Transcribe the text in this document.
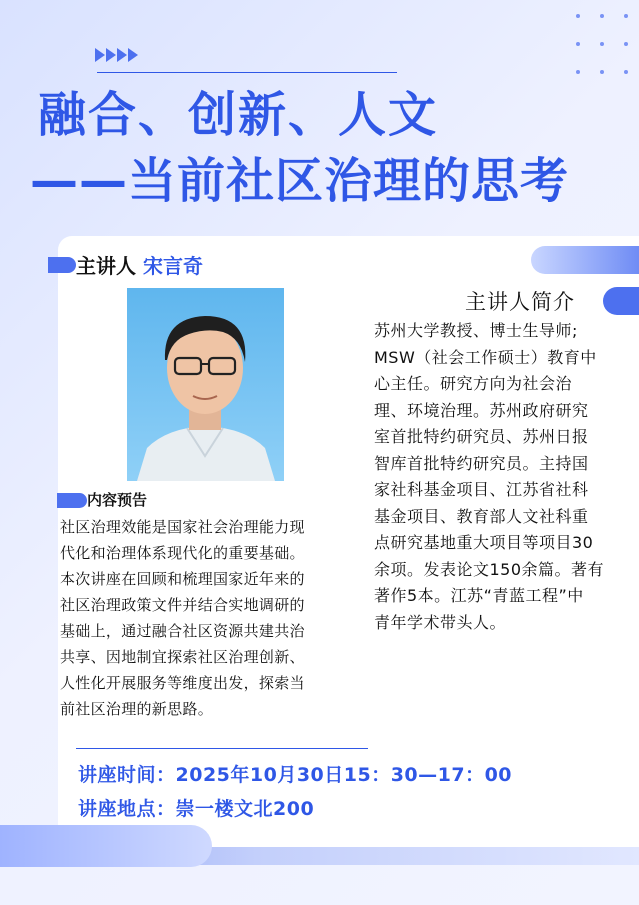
融合、创新、人文
——当前社区治理的思考
主讲人 宋言奇
主讲人简介
苏州大学教授、博士生导师;
MSW（社会工作硕士）教育中
心主任。研究方向为社会治
理、环境治理。苏州政府研究
室首批特约研究员、苏州日报
智库首批特约研究员。主持国
家社科基金项目、江苏省社科
基金项目、教育部人文社科重
点研究基地重大项目等项目30
余项。发表论文150余篇。著有
著作5本。江苏“青蓝工程”中
青年学术带头人。
内容预告
社区治理效能是国家社会治理能力现
代化和治理体系现代化的重要基础。
本次讲座在回顾和梳理国家近年来的
社区治理政策文件并结合实地调研的
基础上，通过融合社区资源共建共治
共享、因地制宜探索社区治理创新、
人性化开展服务等维度出发，探索当
前社区治理的新思路。
讲座时间：2025年10月30日15：30—17：00
讲座地点：崇一楼文北200
